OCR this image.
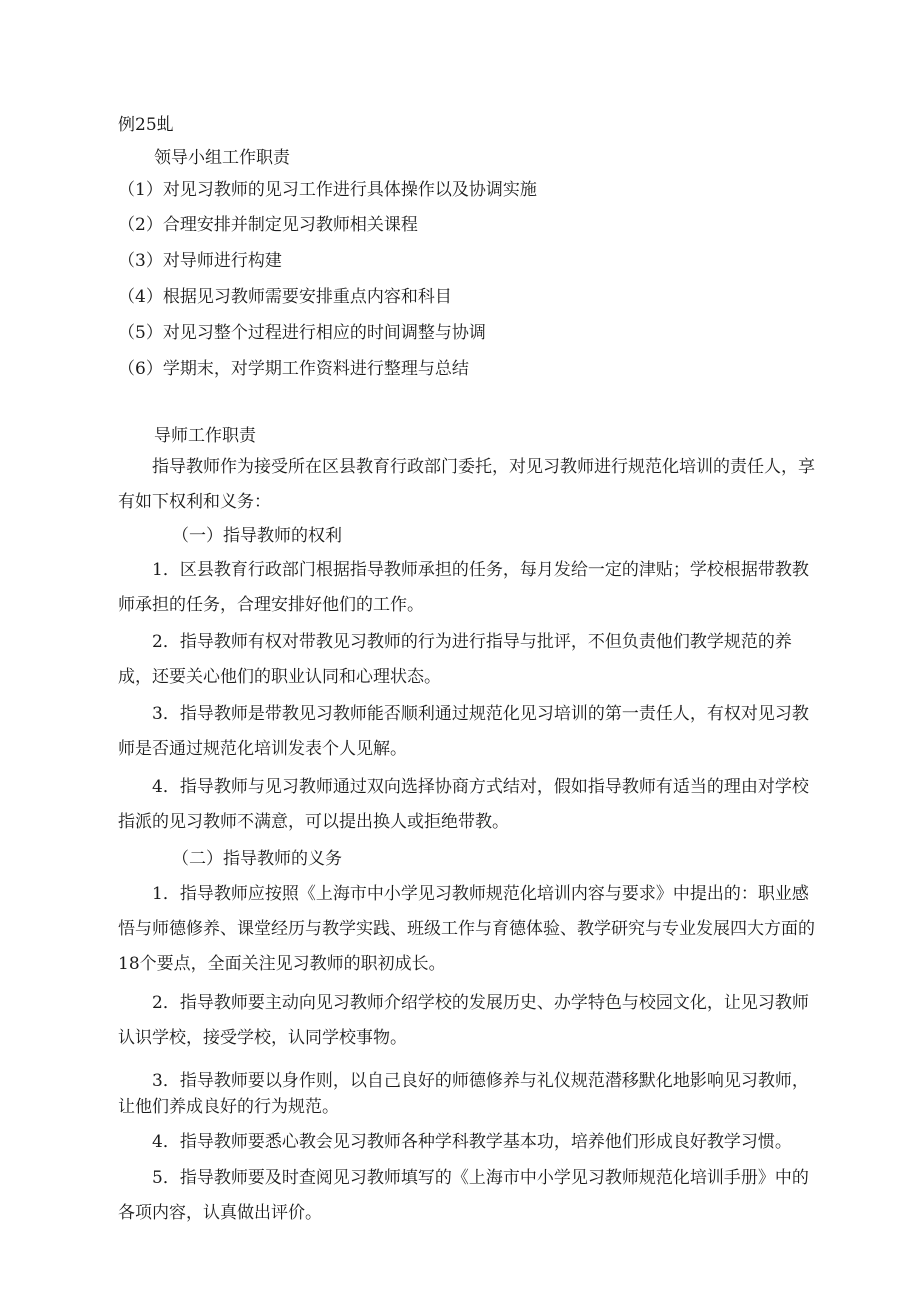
例25虬
领导小组工作职责
（1）对见习教师的见习工作进行具体操作以及协调实施
（2）合理安排并制定见习教师相关课程
（3）对导师进行构建
（4）根据见习教师需要安排重点内容和科目
（5）对见习整个过程进行相应的时间调整与协调
（6）学期末，对学期工作资料进行整理与总结
导师工作职责
指导教师作为接受所在区县教育行政部门委托，对见习教师进行规范化培训的责任人，享有如下权利和义务：
（一）指导教师的权利
1．区县教育行政部门根据指导教师承担的任务，每月发给一定的津贴；学校根据带教教师承担的任务，合理安排好他们的工作。
2．指导教师有权对带教见习教师的行为进行指导与批评，不但负责他们教学规范的养成，还要关心他们的职业认同和心理状态。
3．指导教师是带教见习教师能否顺利通过规范化见习培训的第一责任人，有权对见习教师是否通过规范化培训发表个人见解。
4．指导教师与见习教师通过双向选择协商方式结对，假如指导教师有适当的理由对学校指派的见习教师不满意，可以提出换人或拒绝带教。
（二）指导教师的义务
1．指导教师应按照《上海市中小学见习教师规范化培训内容与要求》中提出的：职业感悟与师德修养、课堂经历与教学实践、班级工作与育德体验、教学研究与专业发展四大方面的18个要点，全面关注见习教师的职初成长。
2．指导教师要主动向见习教师介绍学校的发展历史、办学特色与校园文化，让见习教师认识学校，接受学校，认同学校事物。
3．指导教师要以身作则，以自己良好的师德修养与礼仪规范潜移默化地影响见习教师，让他们养成良好的行为规范。
4．指导教师要悉心教会见习教师各种学科教学基本功，培养他们形成良好教学习惯。
5．指导教师要及时查阅见习教师填写的《上海市中小学见习教师规范化培训手册》中的各项内容，认真做出评价。
